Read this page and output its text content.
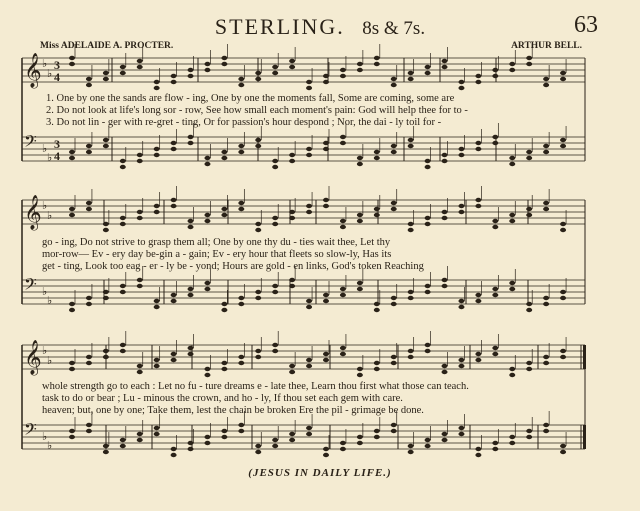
STERLING. 8s & 7s.	63
Miss ADELAIDE A. PROCTER.	ARTHUR BELL.
𝄞 ♭
♭
3
4
𝄢 ♭
♭
3
4
𝄞 ♭
♭
𝄢 ♭
♭
𝄞 ♭
♭
𝄢 ♭
♭
1. One by one the sands are flow - ing, One by one the moments fall, Some are coming, some are
2. Do not look at life's long sor - row, See how small each moment's pain: God will help thee for to -
3. Do not lin - ger with re-gret - ting, Or for passion's hour despond ; Nor, the dai - ly toil for -
go - ing, Do not strive to grasp them all; One by one thy du - ties wait thee, Let thy
mor-row— Ev - ery day be-gin a - gain; Ev - ery hour that fleets so slow-ly, Has its
get - ting, Look too eag - er - ly be - yond; Hours are gold - en links, God's token Reaching
whole strength go to each : Let no fu - ture dreams e - late thee, Learn thou first what those can teach.
task to do or bear ; Lu - minous the crown, and ho - ly, If thou set each gem with care.
heaven; but, one by one; Take them, lest the chain be broken Ere the pil - grimage be done.
(JESUS IN DAILY LIFE.)
